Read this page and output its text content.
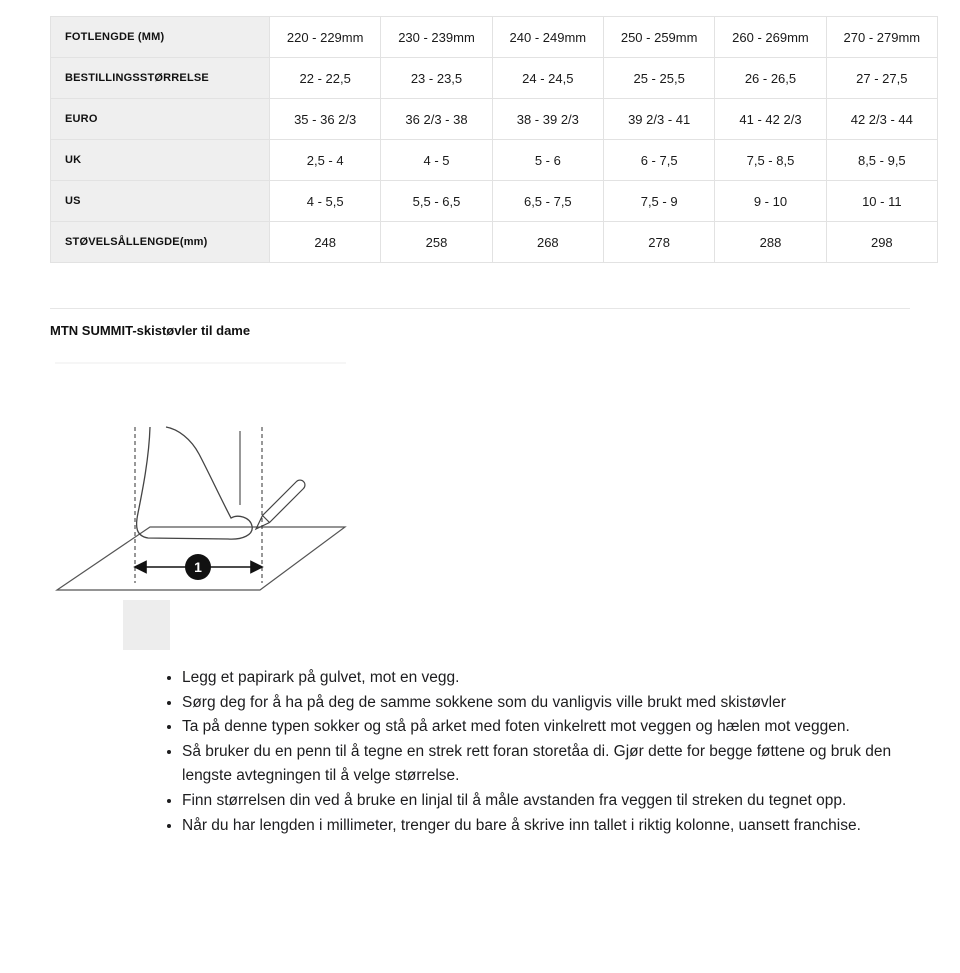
FOTLENGDE (MM)	220 - 229mm	230 - 239mm	240 - 249mm	250 - 259mm	260 - 269mm	270 - 279mm
BESTILLINGSSTØRRELSE	22 - 22,5	23 - 23,5	24 - 24,5	25 - 25,5	26 - 26,5	27 - 27,5
EURO	35 - 36 2/3	36 2/3 - 38	38 - 39 2/3	39 2/3 - 41	41 - 42 2/3	42 2/3 - 44
UK	2,5 - 4	4 - 5	5 - 6	6 - 7,5	7,5 - 8,5	8,5 - 9,5
US	4 - 5,5	5,5 - 6,5	6,5 - 7,5	7,5 - 9	9 - 10	10 - 11
STØVELSÅLLENGDE(mm)	248	258	268	278	288	298
MTN SUMMIT-skistøvler til dame
1
• Legg et papirark på gulvet, mot en vegg.
• Sørg deg for å ha på deg de samme sokkene som du vanligvis ville brukt med skistøvler
• Ta på denne typen sokker og stå på arket med foten vinkelrett mot veggen og hælen mot veggen.
• Så bruker du en penn til å tegne en strek rett foran storetåa di. Gjør dette for begge føttene og bruk den lengste avtegningen til å velge størrelse.
• Finn størrelsen din ved å bruke en linjal til å måle avstanden fra veggen til streken du tegnet opp.
• Når du har lengden i millimeter, trenger du bare å skrive inn tallet i riktig kolonne, uansett franchise.
